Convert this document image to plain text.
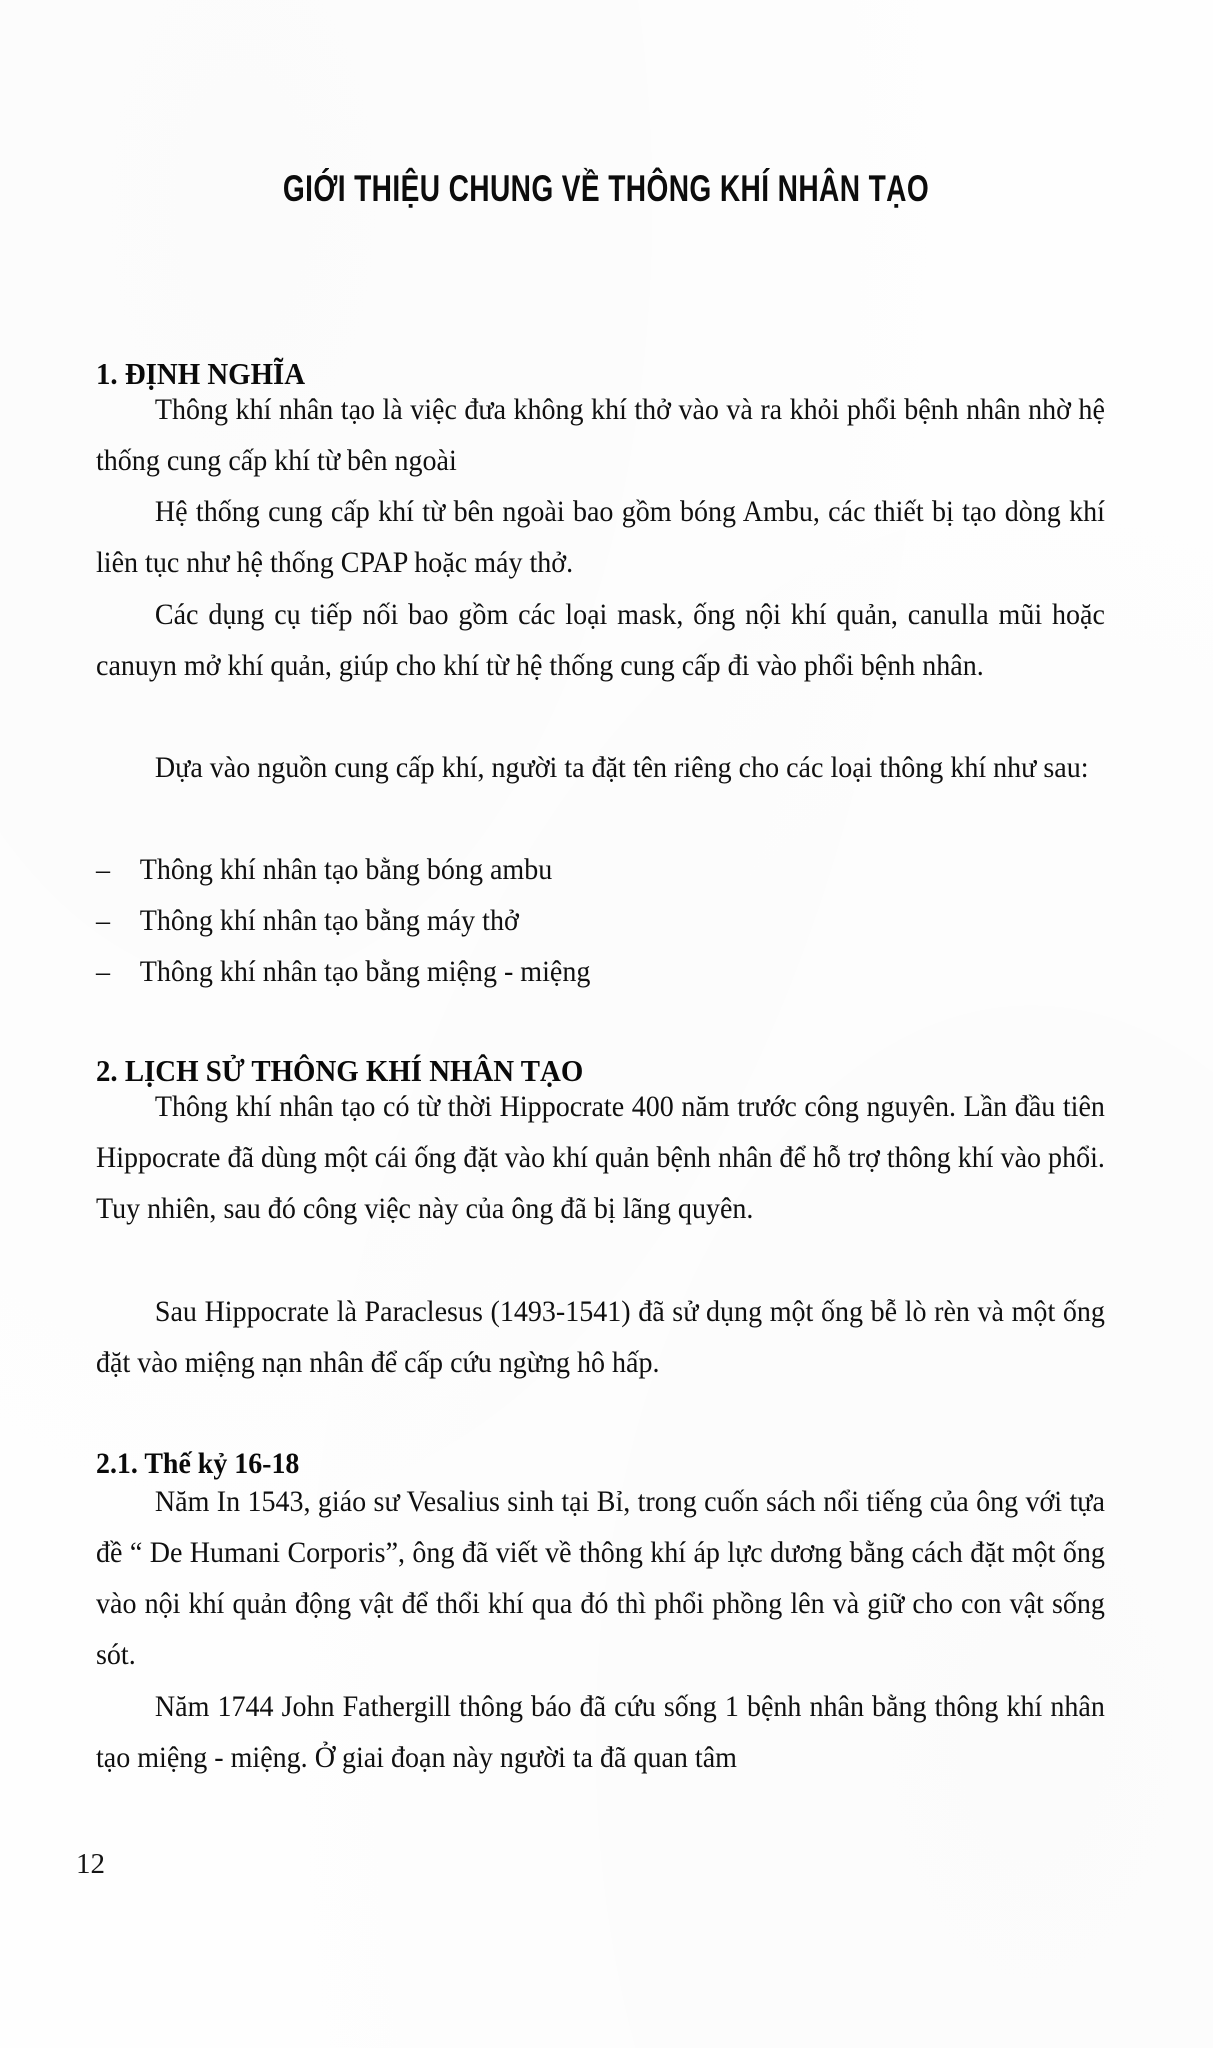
GIỚI THIỆU CHUNG VỀ THÔNG KHÍ NHÂN TẠO
1. ĐỊNH NGHĨA

Thông khí nhân tạo là việc đưa không khí thở vào và ra khỏi phổi bệnh nhân nhờ hệ thống cung cấp khí từ bên ngoài

Hệ thống cung cấp khí từ bên ngoài bao gồm bóng Ambu, các thiết bị tạo dòng khí liên tục như hệ thống CPAP hoặc máy thở.

Các dụng cụ tiếp nối bao gồm các loại mask, ống nội khí quản, canulla mũi hoặc canuyn mở khí quản, giúp cho khí từ hệ thống cung cấp đi vào phổi bệnh nhân.

Dựa vào nguồn cung cấp khí, người ta đặt tên riêng cho các loại thông khí như sau:

– Thông khí nhân tạo bằng bóng ambu
– Thông khí nhân tạo bằng máy thở
– Thông khí nhân tạo bằng miệng - miệng
2. LỊCH SỬ THÔNG KHÍ NHÂN TẠO

Thông khí nhân tạo có từ thời Hippocrate 400 năm trước công nguyên. Lần đầu tiên Hippocrate đã dùng một cái ống đặt vào khí quản bệnh nhân để hỗ trợ thông khí vào phổi. Tuy nhiên, sau đó công việc này của ông đã bị lãng quyên.

Sau Hippocrate là Paraclesus (1493-1541) đã sử dụng một ống bễ lò rèn và một ống đặt vào miệng nạn nhân để cấp cứu ngừng hô hấp.

2.1. Thế kỷ 16-18

Năm In 1543, giáo sư Vesalius sinh tại Bỉ, trong cuốn sách nổi tiếng của ông với tựa đề “ De Humani Corporis”, ông đã viết về thông khí áp lực dương bằng cách đặt một ống vào nội khí quản động vật để thổi khí qua đó thì phổi phồng lên và giữ cho con vật sống sót.

Năm 1744 John Fathergill thông báo đã cứu sống 1 bệnh nhân bằng thông khí nhân tạo miệng - miệng. Ở giai đoạn này người ta đã quan tâm

12
